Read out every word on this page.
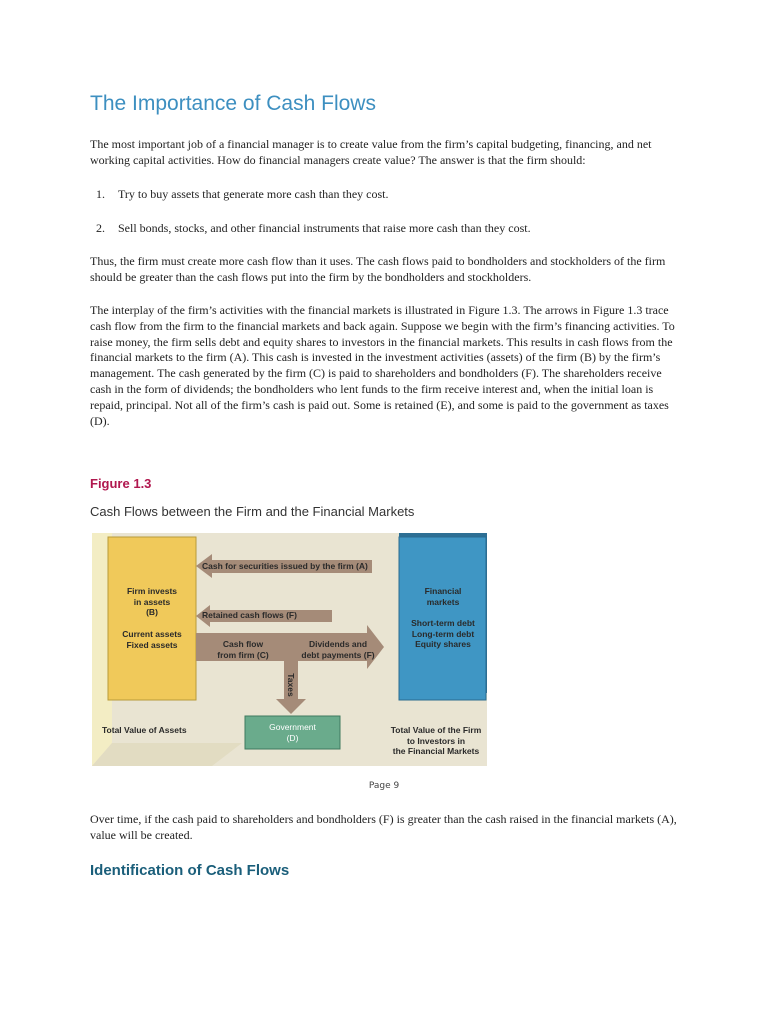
The Importance of Cash Flows

The most important job of a financial manager is to create value from the firm’s capital budgeting, financing, and net working capital activities. How do financial managers create value? The answer is that the firm should:

1. Try to buy assets that generate more cash than they cost.
2. Sell bonds, stocks, and other financial instruments that raise more cash than they cost.

Thus, the firm must create more cash flow than it uses. The cash flows paid to bondholders and stockholders of the firm should be greater than the cash flows put into the firm by the bondholders and stockholders.

The interplay of the firm’s activities with the financial markets is illustrated in Figure 1.3. The arrows in Figure 1.3 trace cash flow from the firm to the financial markets and back again. Suppose we begin with the firm’s financing activities. To raise money, the firm sells debt and equity shares to investors in the financial markets. This results in cash flows from the financial markets to the firm (A). This cash is invested in the investment activities (assets) of the firm (B) by the firm’s management. The cash generated by the firm (C) is paid to shareholders and bondholders (F). The shareholders receive cash in the form of dividends; the bondholders who lent funds to the firm receive interest and, when the initial loan is repaid, principal. Not all of the firm’s cash is paid out. Some is retained (E), and some is paid to the government as taxes (D).

Figure 1.3
Cash Flows between the Firm and the Financial Markets
Cash for securities issued by the firm (A)
Firm invests
in assets
(B)
Current assets
Fixed assets
Retained cash flows (F)
Cash flow
from firm (C)
Dividends and
debt payments (F)
Taxes
Government
(D)
Financial
markets
Short-term debt
Long-term debt
Equity shares
Total Value of Assets	Total Value of the Firm
to Investors in
the Financial Markets
Page 9

Over time, if the cash paid to shareholders and bondholders (F) is greater than the cash raised in the financial markets (A), value will be created.

Identification of Cash Flows
